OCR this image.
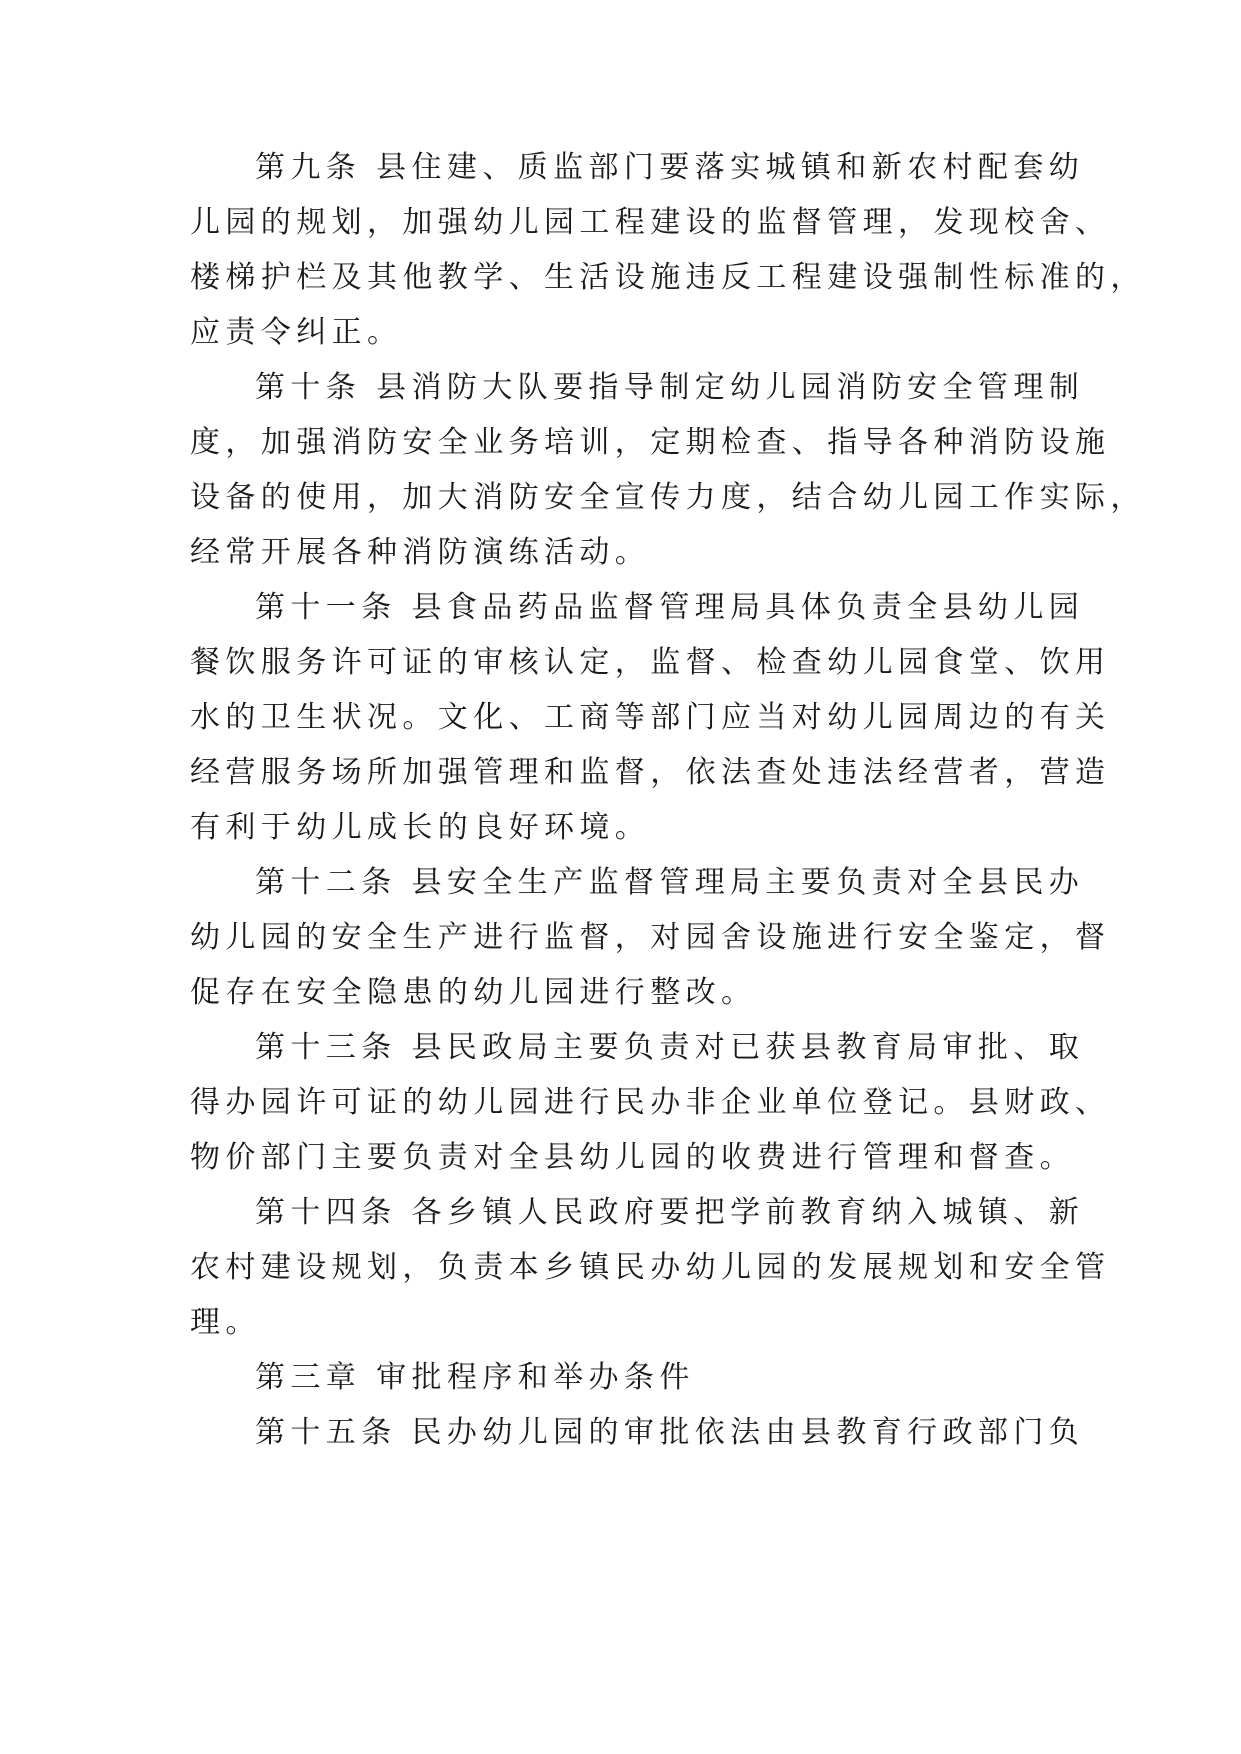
第九条 县住建、质监部门要落实城镇和新农村配套幼
儿园的规划，加强幼儿园工程建设的监督管理，发现校舍、
楼梯护栏及其他教学、生活设施违反工程建设强制性标准的，
应责令纠正。
第十条 县消防大队要指导制定幼儿园消防安全管理制
度，加强消防安全业务培训，定期检查、指导各种消防设施
设备的使用，加大消防安全宣传力度，结合幼儿园工作实际，
经常开展各种消防演练活动。
第十一条 县食品药品监督管理局具体负责全县幼儿园
餐饮服务许可证的审核认定，监督、检查幼儿园食堂、饮用
水的卫生状况。文化、工商等部门应当对幼儿园周边的有关
经营服务场所加强管理和监督，依法查处违法经营者，营造
有利于幼儿成长的良好环境。
第十二条 县安全生产监督管理局主要负责对全县民办
幼儿园的安全生产进行监督，对园舍设施进行安全鉴定，督
促存在安全隐患的幼儿园进行整改。
第十三条 县民政局主要负责对已获县教育局审批、取
得办园许可证的幼儿园进行民办非企业单位登记。县财政、
物价部门主要负责对全县幼儿园的收费进行管理和督查。
第十四条 各乡镇人民政府要把学前教育纳入城镇、新
农村建设规划，负责本乡镇民办幼儿园的发展规划和安全管
理。
第三章 审批程序和举办条件
第十五条 民办幼儿园的审批依法由县教育行政部门负
